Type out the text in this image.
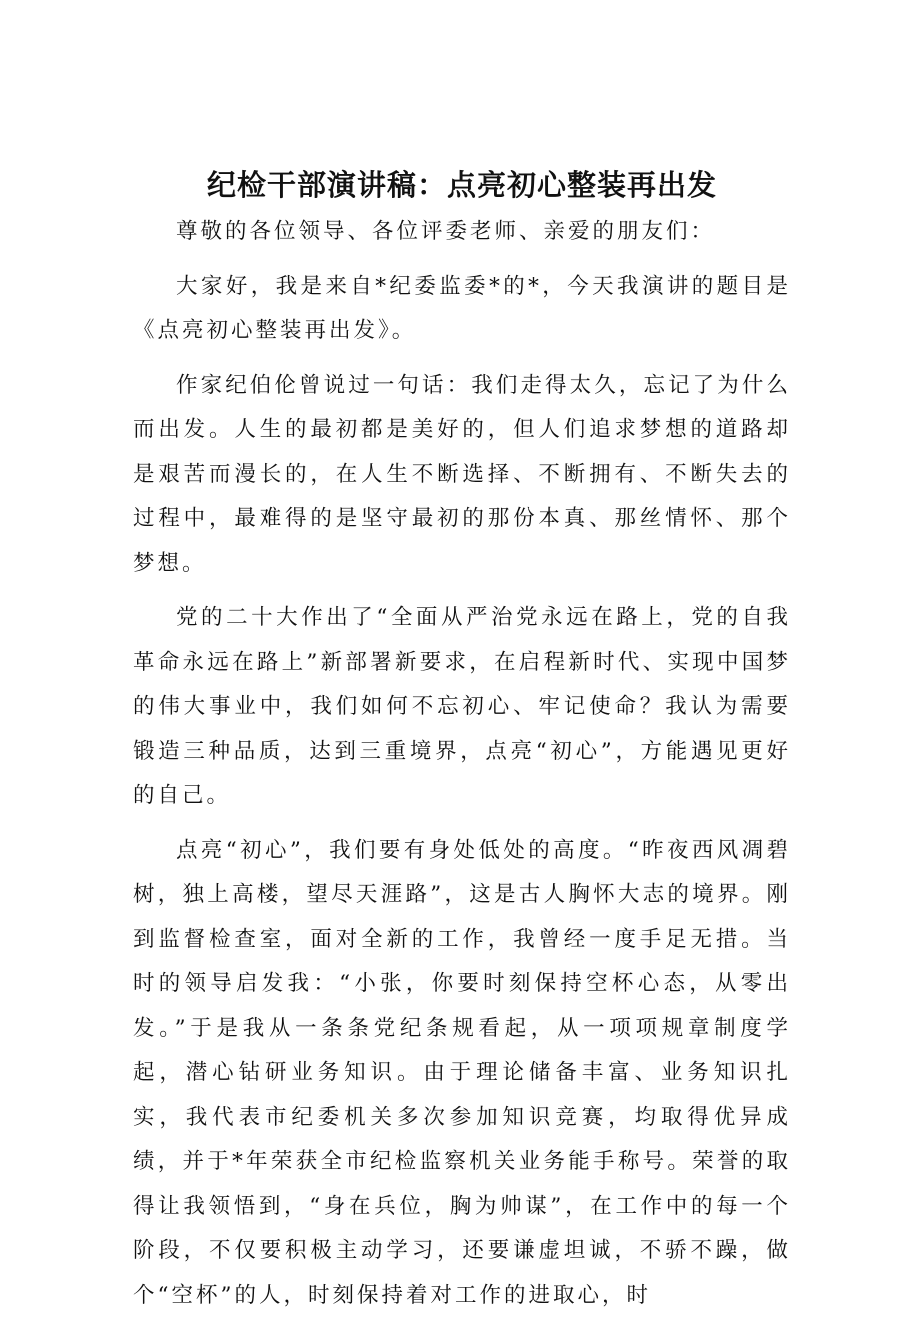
纪检干部演讲稿：点亮初心整装再出发

尊敬的各位领导、各位评委老师、亲爱的朋友们：

大家好，我是来自*纪委监委*的*，今天我演讲的题目是《点亮初心整装再出发》。

作家纪伯伦曾说过一句话：我们走得太久，忘记了为什么而出发。人生的最初都是美好的，但人们追求梦想的道路却是艰苦而漫长的，在人生不断选择、不断拥有、不断失去的过程中，最难得的是坚守最初的那份本真、那丝情怀、那个梦想。

党的二十大作出了“全面从严治党永远在路上，党的自我革命永远在路上”新部署新要求，在启程新时代、实现中国梦的伟大事业中，我们如何不忘初心、牢记使命？我认为需要锻造三种品质，达到三重境界，点亮“初心”，方能遇见更好的自己。

点亮“初心”，我们要有身处低处的高度。“昨夜西风凋碧树，独上高楼，望尽天涯路”，这是古人胸怀大志的境界。刚到监督检查室，面对全新的工作，我曾经一度手足无措。当时的领导启发我：“小张，你要时刻保持空杯心态，从零出发。”于是我从一条条党纪条规看起，从一项项规章制度学起，潜心钻研业务知识。由于理论储备丰富、业务知识扎实，我代表市纪委机关多次参加知识竞赛，均取得优异成绩，并于*年荣获全市纪检监察机关业务能手称号。荣誉的取得让我领悟到，“身在兵位，胸为帅谋”，在工作中的每一个阶段，不仅要积极主动学习，还要谦虚坦诚，不骄不躁，做个“空杯”的人，时刻保持着对工作的进取心，时
